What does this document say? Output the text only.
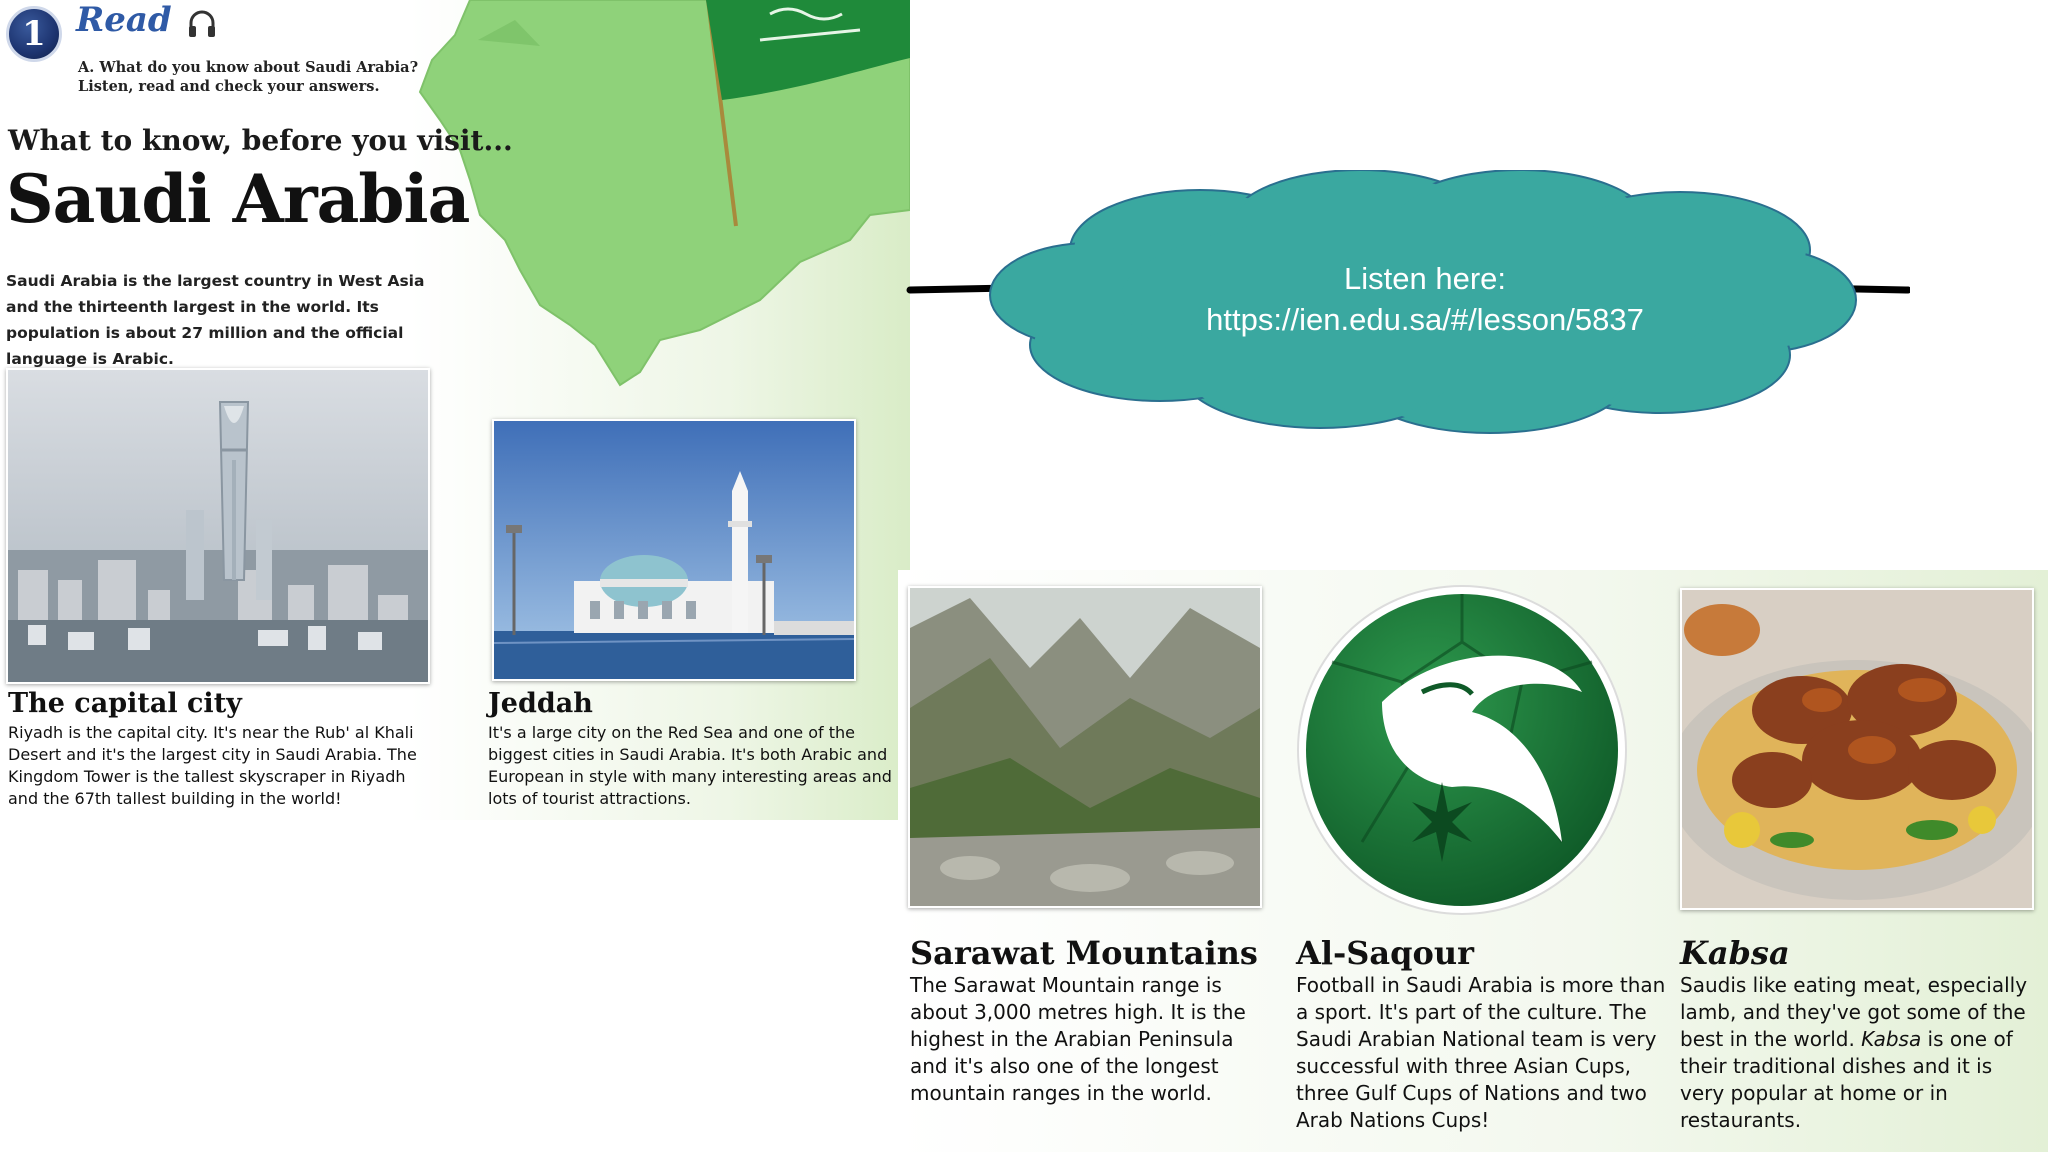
1 Read
A. What do you know about Saudi Arabia? Listen, read and check your answers.
What to know, before you visit...
Saudi Arabia
Saudi Arabia is the largest country in West Asia and the thirteenth largest in the world. Its population is about 27 million and the official language is Arabic.
The capital city
Riyadh is the capital city. It's near the Rub' al Khali Desert and it's the largest city in Saudi Arabia. The Kingdom Tower is the tallest skyscraper in Riyadh and the 67th tallest building in the world!
Jeddah
It's a large city on the Red Sea and one of the biggest cities in Saudi Arabia. It's both Arabic and European in style with many interesting areas and lots of tourist attractions.
Listen here:
https://ien.edu.sa/#/lesson/5837
Sarawat Mountains
The Sarawat Mountain range is about 3,000 metres high. It is the highest in the Arabian Peninsula and it's also one of the longest mountain ranges in the world.
Al-Saqour
Football in Saudi Arabia is more than a sport. It's part of the culture. The Saudi Arabian National team is very successful with three Asian Cups, three Gulf Cups of Nations and two Arab Nations Cups!
Kabsa
Saudis like eating meat, especially lamb, and they've got some of the best in the world. Kabsa is one of their traditional dishes and it is very popular at home or in restaurants.
